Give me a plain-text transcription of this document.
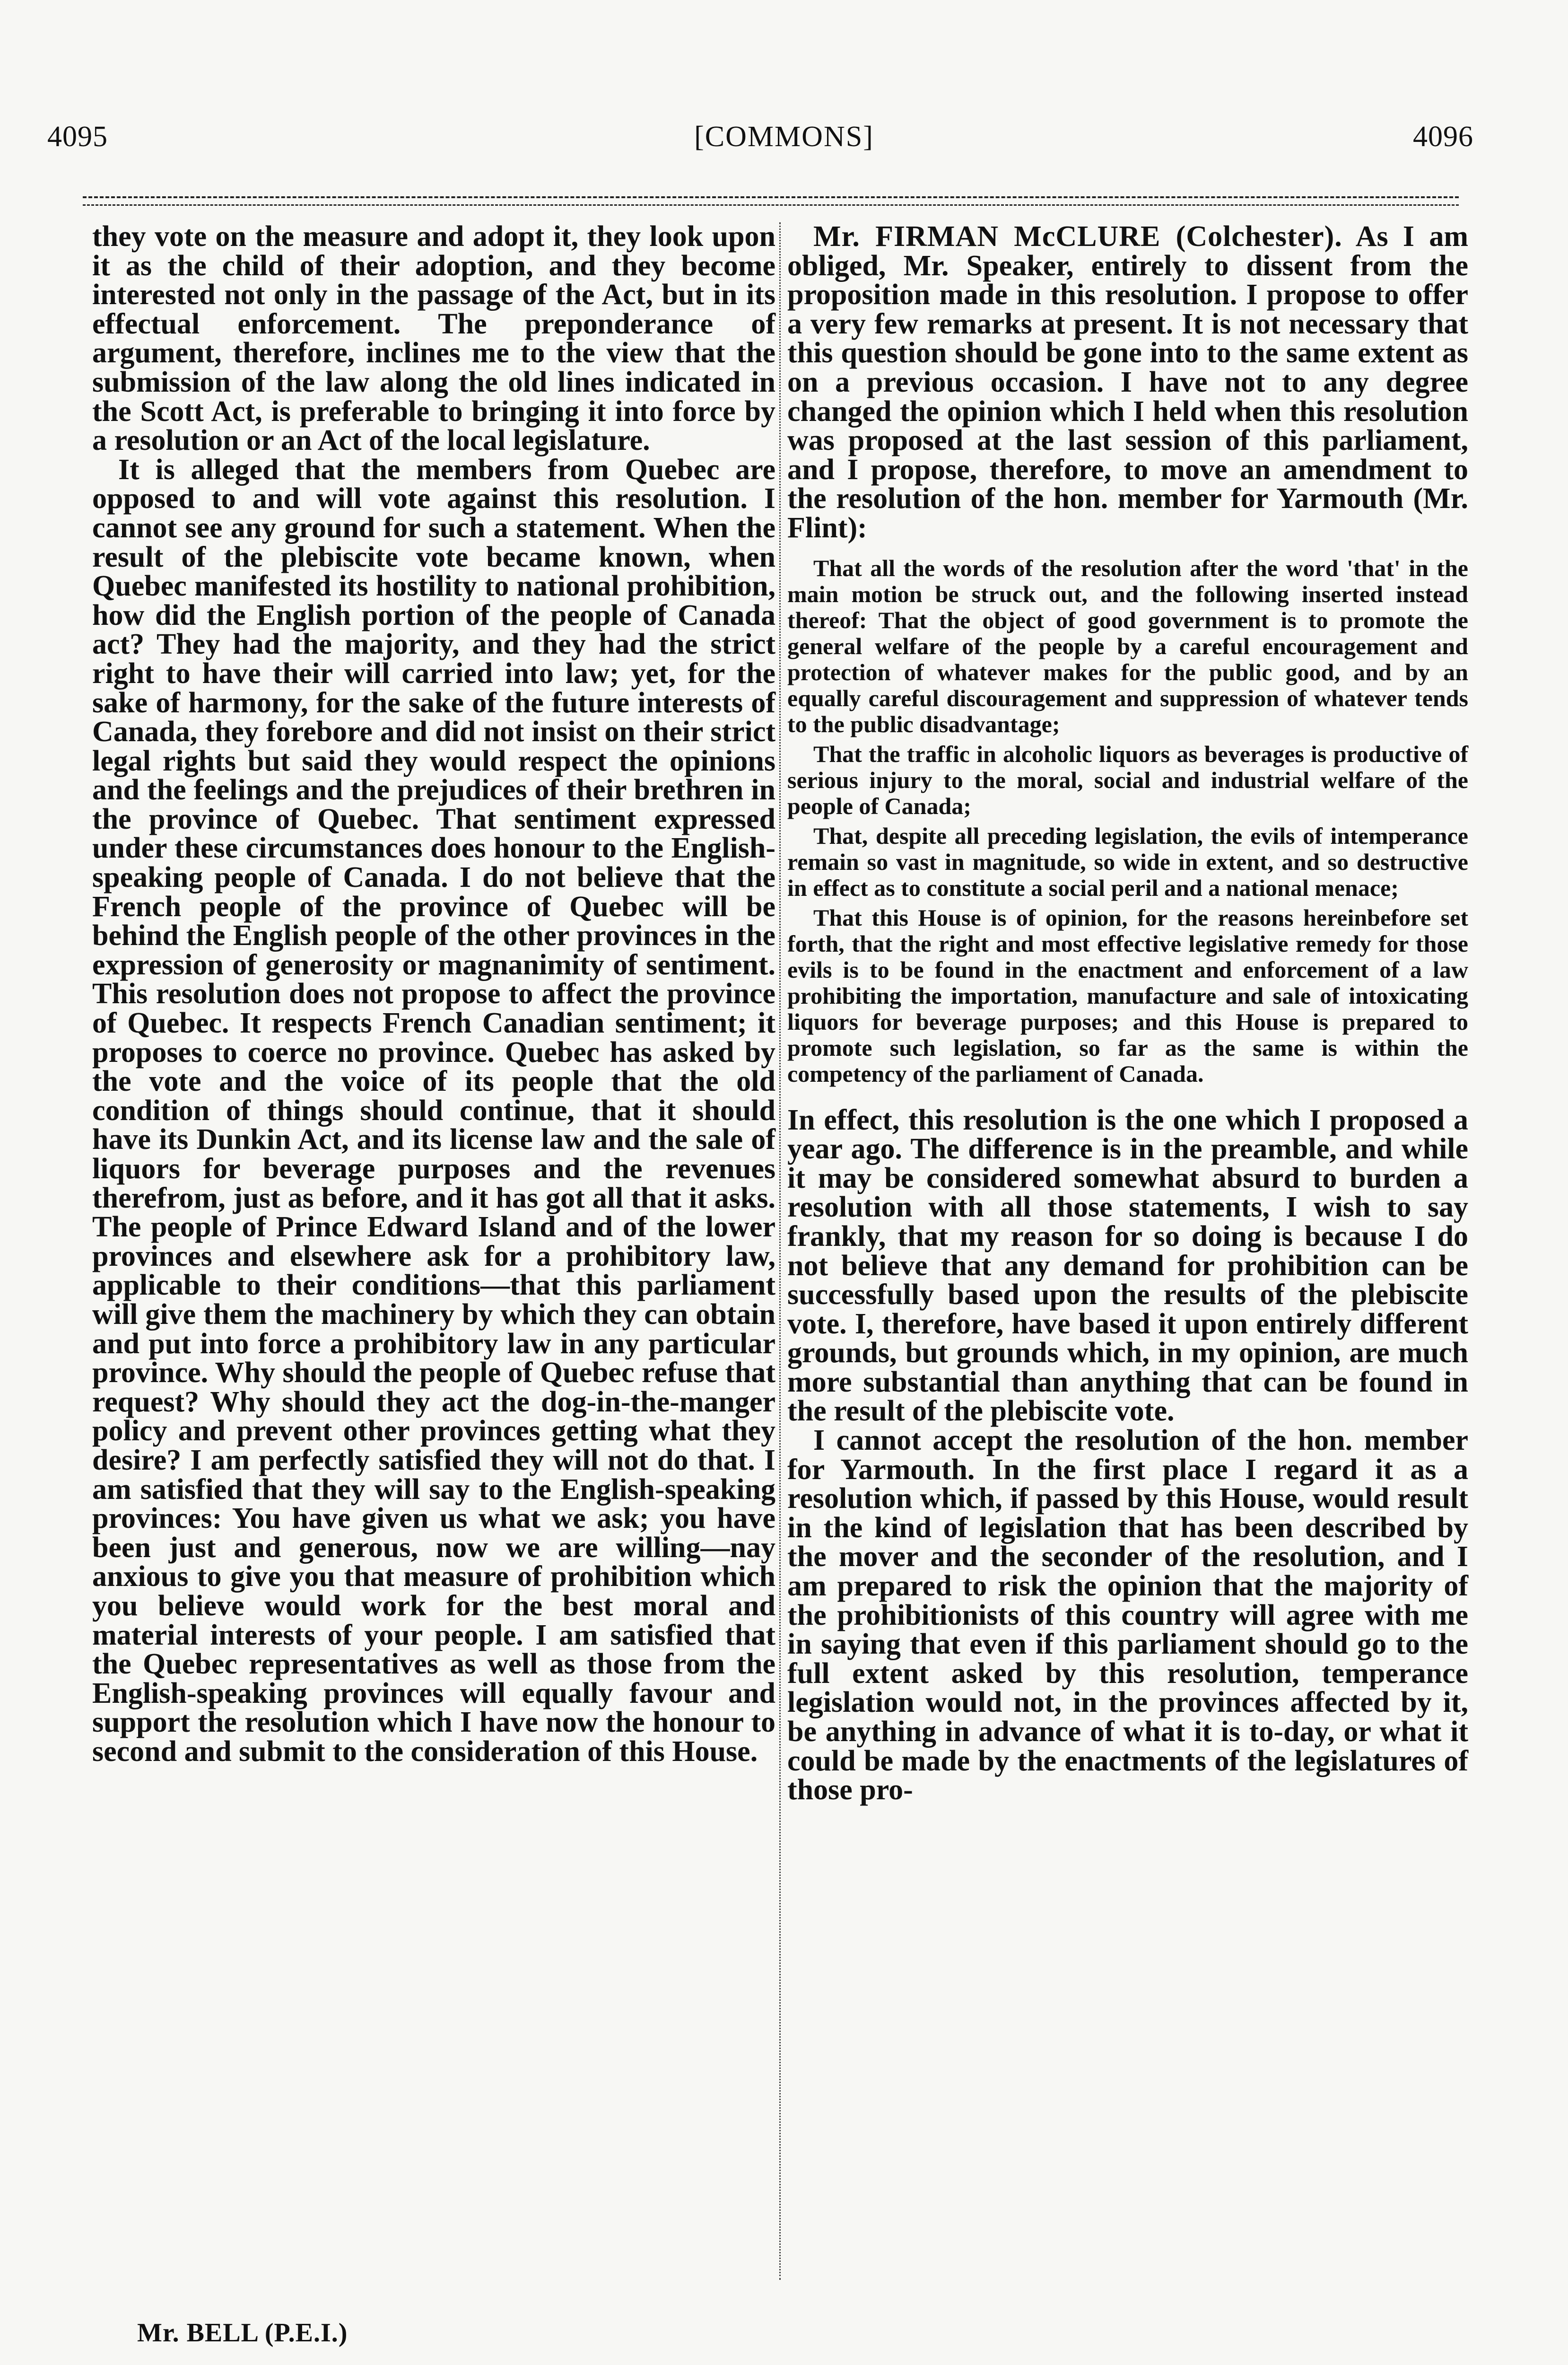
4095	[COMMONS]	4096

they vote on the measure and adopt it, they look upon it as the child of their adoption, and they become interested not only in the passage of the Act, but in its effectual enforcement. The preponderance of argument, therefore, inclines me to the view that the submission of the law along the old lines indicated in the Scott Act, is preferable to bringing it into force by a resolution or an Act of the local legislature.

It is alleged that the members from Quebec are opposed to and will vote against this resolution. I cannot see any ground for such a statement. When the result of the plebiscite vote became known, when Quebec manifested its hostility to national prohibition, how did the English portion of the people of Canada act? They had the majority, and they had the strict right to have their will carried into law; yet, for the sake of harmony, for the sake of the future interests of Canada, they forebore and did not insist on their strict legal rights but said they would respect the opinions and the feelings and the prejudices of their brethren in the province of Quebec. That sentiment expressed under these circumstances does honour to the English-speaking people of Canada. I do not believe that the French people of the province of Quebec will be behind the English people of the other provinces in the expression of generosity or magnanimity of sentiment. This resolution does not propose to affect the province of Quebec. It respects French Canadian sentiment; it proposes to coerce no province. Quebec has asked by the vote and the voice of its people that the old condition of things should continue, that it should have its Dunkin Act, and its license law and the sale of liquors for beverage purposes and the revenues therefrom, just as before, and it has got all that it asks. The people of Prince Edward Island and of the lower provinces and elsewhere ask for a prohibitory law, applicable to their conditions—that this parliament will give them the machinery by which they can obtain and put into force a prohibitory law in any particular province. Why should the people of Quebec refuse that request? Why should they act the dog-in-the-manger policy and prevent other provinces getting what they desire? I am perfectly satisfied they will not do that. I am satisfied that they will say to the English-speaking provinces: You have given us what we ask; you have been just and generous, now we are willing—nay anxious to give you that measure of prohibition which you believe would work for the best moral and material interests of your people. I am satisfied that the Quebec representatives as well as those from the English-speaking provinces will equally favour and support the resolution which I have now the honour to second and submit to the consideration of this House.

Mr. FIRMAN McCLURE (Colchester). As I am obliged, Mr. Speaker, entirely to dissent from the proposition made in this resolution. I propose to offer a very few remarks at present. It is not necessary that this question should be gone into to the same extent as on a previous occasion. I have not to any degree changed the opinion which I held when this resolution was proposed at the last session of this parliament, and I propose, therefore, to move an amendment to the resolution of the hon. member for Yarmouth (Mr. Flint):

That all the words of the resolution after the word 'that' in the main motion be struck out, and the following inserted instead thereof: That the object of good government is to promote the general welfare of the people by a careful encouragement and protection of whatever makes for the public good, and by an equally careful discouragement and suppression of whatever tends to the public disadvantage;

That the traffic in alcoholic liquors as beverages is productive of serious injury to the moral, social and industrial welfare of the people of Canada;

That, despite all preceding legislation, the evils of intemperance remain so vast in magnitude, so wide in extent, and so destructive in effect as to constitute a social peril and a national menace;

That this House is of opinion, for the reasons hereinbefore set forth, that the right and most effective legislative remedy for those evils is to be found in the enactment and enforcement of a law prohibiting the importation, manufacture and sale of intoxicating liquors for beverage purposes; and this House is prepared to promote such legislation, so far as the same is within the competency of the parliament of Canada.

In effect, this resolution is the one which I proposed a year ago. The difference is in the preamble, and while it may be considered somewhat absurd to burden a resolution with all those statements, I wish to say frankly, that my reason for so doing is because I do not believe that any demand for prohibition can be successfully based upon the results of the plebiscite vote. I, therefore, have based it upon entirely different grounds, but grounds which, in my opinion, are much more substantial than anything that can be found in the result of the plebiscite vote.

I cannot accept the resolution of the hon. member for Yarmouth. In the first place I regard it as a resolution which, if passed by this House, would result in the kind of legislation that has been described by the mover and the seconder of the resolution, and I am prepared to risk the opinion that the majority of the prohibitionists of this country will agree with me in saying that even if this parliament should go to the full extent asked by this resolution, temperance legislation would not, in the provinces affected by it, be anything in advance of what it is to-day, or what it could be made by the enactments of the legislatures of those pro-

Mr. BELL (P.E.I.)
